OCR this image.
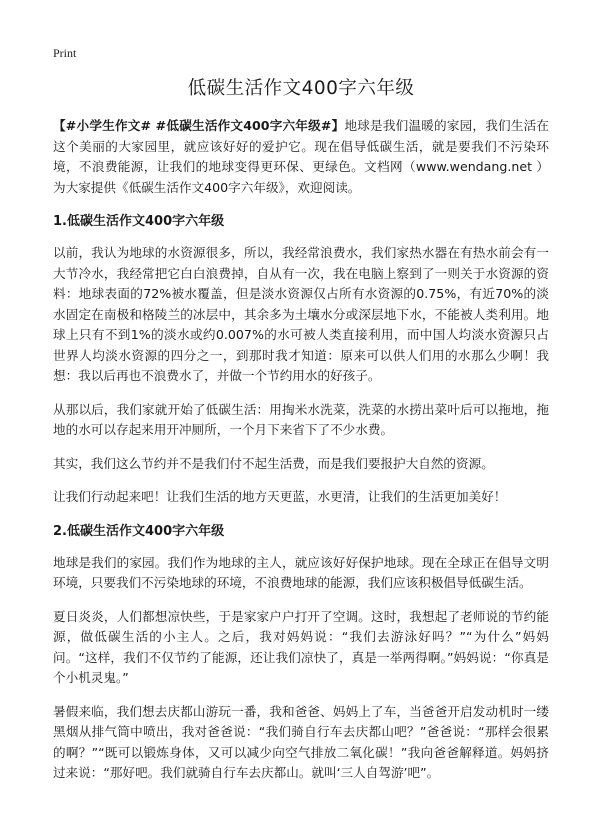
Print
低碳生活作文400字六年级

【#小学生作文# #低碳生活作文400字六年级#】地球是我们温暖的家园，我们生活在这个美丽的大家园里，就应该好好的爱护它。现在倡导低碳生活，就是要我们不污染环境，不浪费能源，让我们的地球变得更环保、更绿色。文档网（www.wendang.net ）为大家提供《低碳生活作文400字六年级》，欢迎阅读。

1.低碳生活作文400字六年级

以前，我认为地球的水资源很多，所以，我经常浪费水，我们家热水器在有热水前会有一大节冷水，我经常把它白白浪费掉，自从有一次，我在电脑上察到了一则关于水资源的资料：地球表面的72%被水覆盖，但是淡水资源仅占所有水资源的0.75%，有近70%的淡水固定在南极和格陵兰的冰层中，其余多为土壤水分或深层地下水，不能被人类利用。地球上只有不到1%的淡水或约0.007%的水可被人类直接利用，而中国人均淡水资源只占世界人均淡水资源的四分之一，到那时我才知道：原来可以供人们用的水那么少啊！我想：我以后再也不浪费水了，并做一个节约用水的好孩子。

从那以后，我们家就开始了低碳生活：用掏米水洗菜，洗菜的水捞出菜叶后可以拖地，拖地的水可以存起来用开冲厕所，一个月下来省下了不少水费。

其实，我们这么节约并不是我们付不起生活费，而是我们要报护大自然的资源。

让我们行动起来吧！让我们生活的地方天更蓝，水更清，让我们的生活更加美好！

2.低碳生活作文400字六年级

地球是我们的家园。我们作为地球的主人，就应该好好保护地球。现在全球正在倡导文明环境，只要我们不污染地球的环境，不浪费地球的能源，我们应该积极倡导低碳生活。

夏日炎炎，人们都想凉快些，于是家家户户打开了空调。这时，我想起了老师说的节约能源，做低碳生活的小主人。之后，我对妈妈说：“我们去游泳好吗？”“为什么”妈妈问。“这样，我们不仅节约了能源，还让我们凉快了，真是一举两得啊。”妈妈说：“你真是个小机灵鬼。”

暑假来临，我们想去庆都山游玩一番，我和爸爸、妈妈上了车，当爸爸开启发动机时一缕黑烟从排气筒中喷出，我对爸爸说：“我们骑自行车去庆都山吧？”爸爸说：“那样会很累的啊？”“既可以锻炼身体，又可以减少向空气排放二氧化碳！”我向爸爸解释道。妈妈挤过来说：“那好吧。我们就骑自行车去庆都山。就叫‘三人自驾游’吧”。
